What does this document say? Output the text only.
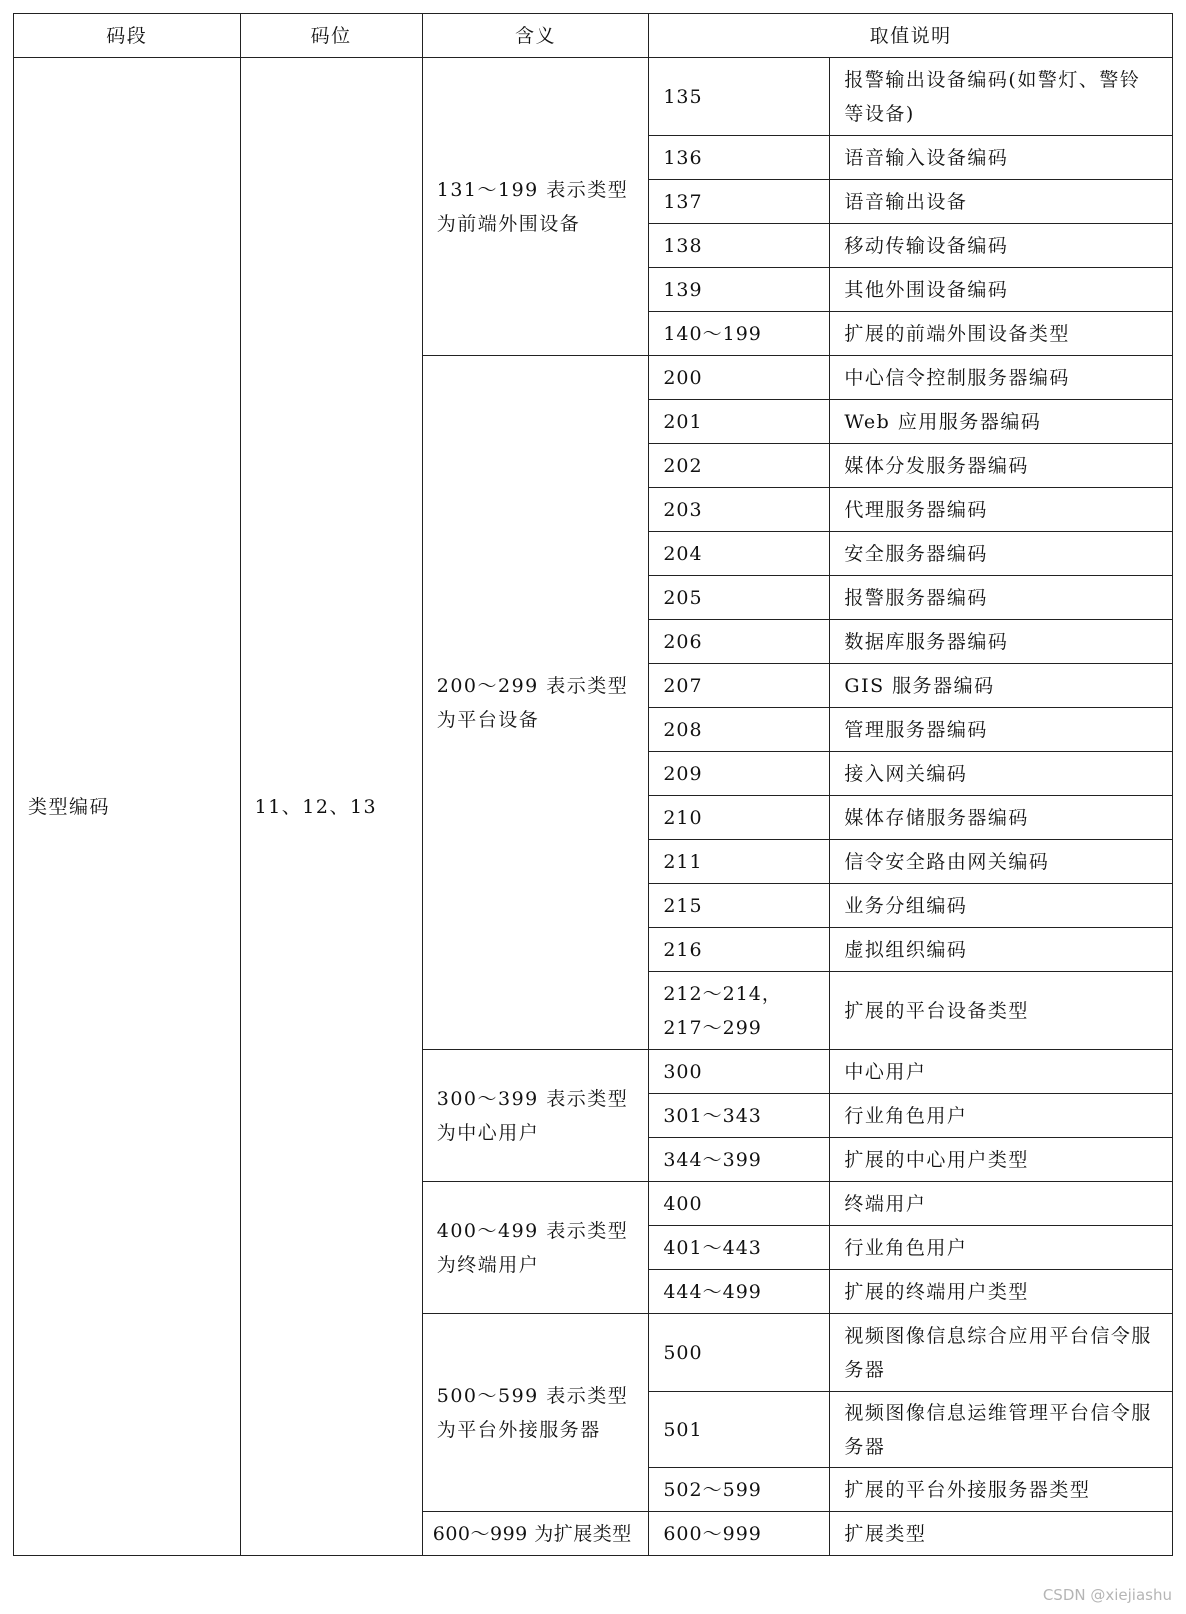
码段	码位	含义	取值说明	
类型编码	11、12、13	131～199 表示类型为前端外围设备	135	报警输出设备编码(如警灯、警铃等设备)
			136	语音输入设备编码
			137	语音输出设备
			138	移动传输设备编码
			139	其他外围设备编码
			140～199	扩展的前端外围设备类型
		200～299 表示类型为平台设备	200	中心信令控制服务器编码
			201	Web 应用服务器编码
			202	媒体分发服务器编码
			203	代理服务器编码
			204	安全服务器编码
			205	报警服务器编码
			206	数据库服务器编码
			207	GIS 服务器编码
			208	管理服务器编码
			209	接入网关编码
			210	媒体存储服务器编码
			211	信令安全路由网关编码
			215	业务分组编码
			216	虚拟组织编码
			212～214，217～299	扩展的平台设备类型
		300～399 表示类型为中心用户	300	中心用户
			301～343	行业角色用户
			344～399	扩展的中心用户类型
		400～499 表示类型为终端用户	400	终端用户
			401～443	行业角色用户
			444～499	扩展的终端用户类型
		500～599 表示类型为平台外接服务器	500	视频图像信息综合应用平台信令服务器
			501	视频图像信息运维管理平台信令服务器
			502～599	扩展的平台外接服务器类型
		600～999 为扩展类型	600～999	扩展类型
CSDN @xiejiashu
